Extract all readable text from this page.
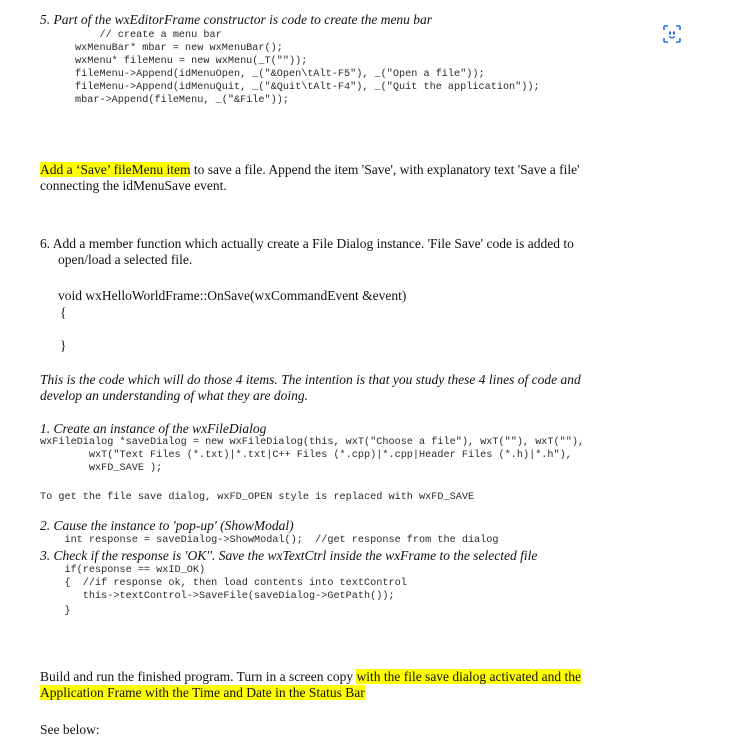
5. Part of the wxEditorFrame constructor is code to create the menu bar
// create a menu bar
wxMenuBar* mbar = new wxMenuBar();
wxMenu* fileMenu = new wxMenu(_T(""));
fileMenu->Append(idMenuOpen, _("&Open\tAlt-F5"), _("Open a file"));
fileMenu->Append(idMenuQuit, _("&Quit\tAlt-F4"), _("Quit the application"));
mbar->Append(fileMenu, _("&File"));
Add a ‘Save’ fileMenu item to save a file. Append the item 'Save', with explanatory text 'Save a file'
connecting the idMenuSave event.
6. Add a member function which actually create a File Dialog instance. 'File Save' code is added to
open/load a selected file.
void wxHelloWorldFrame::OnSave(wxCommandEvent &event)
{
}
This is the code which will do those 4 items. The intention is that you study these 4 lines of code and
develop an understanding of what they are doing.
1. Create an instance of the wxFileDialog
wxFileDialog *saveDialog = new wxFileDialog(this, wxT("Choose a file"), wxT(""), wxT(""),
wxT("Text Files (*.txt)|*.txt|C++ Files (*.cpp)|*.cpp|Header Files (*.h)|*.h"),
wxFD_SAVE );
To get the file save dialog, wxFD_OPEN style is replaced with wxFD_SAVE
2. Cause the instance to 'pop-up' (ShowModal)
int response = saveDialog->ShowModal();  //get response from the dialog
3. Check if the response is 'OK''. Save the wxTextCtrl inside the wxFrame to the selected file
if(response == wxID_OK)
{  //if response ok, then load contents into textControl
this->textControl->SaveFile(saveDialog->GetPath());
}
Build and run the finished program. Turn in a screen copy with the file save dialog activated and the
Application Frame with the Time and Date in the Status Bar
See below:
